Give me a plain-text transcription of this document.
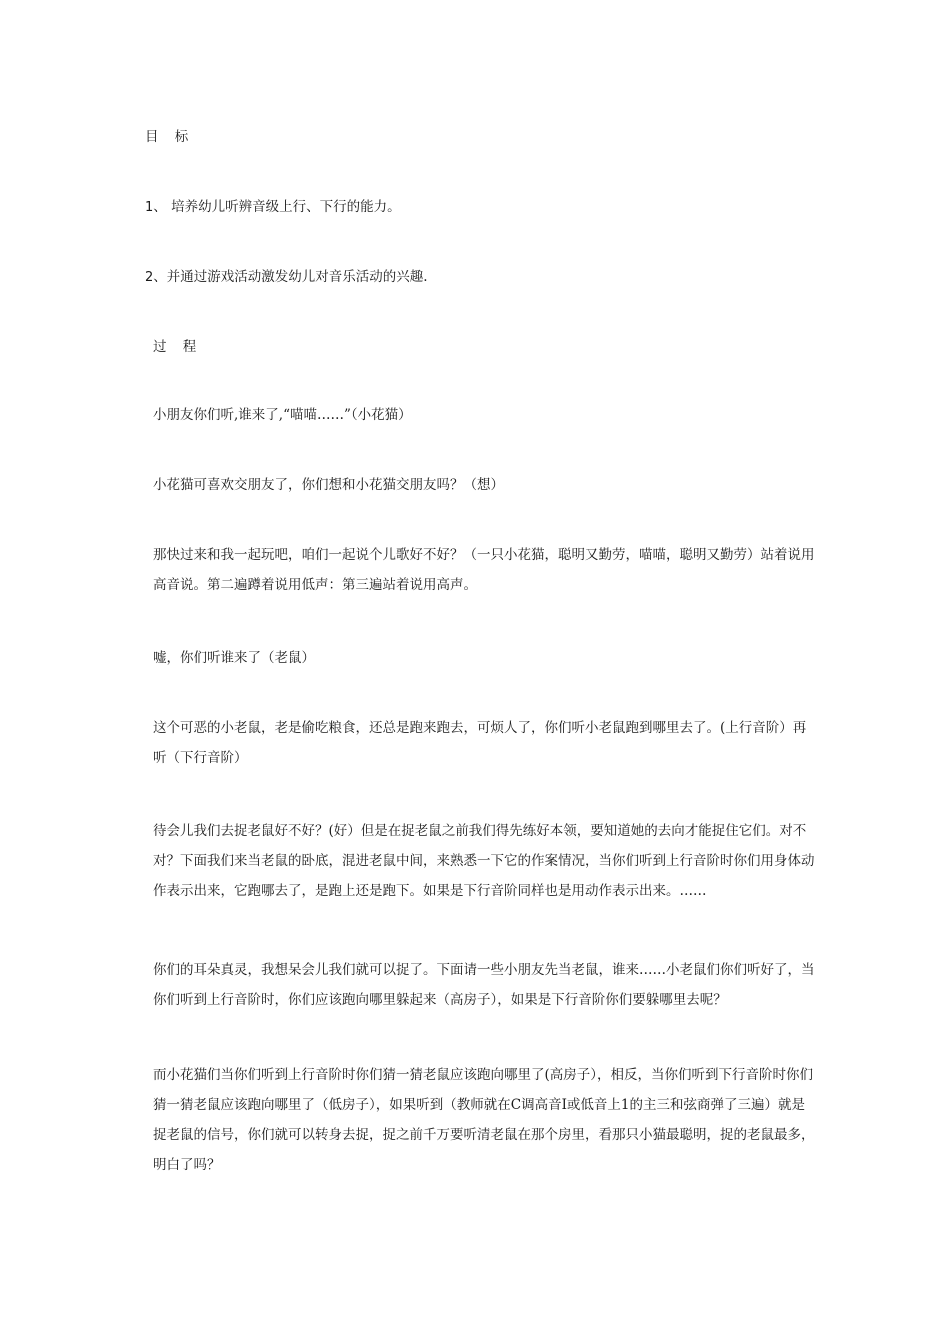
目 标

1、 培养幼儿听辨音级上行、下行的能力。

2、并通过游戏活动激发幼儿对音乐活动的兴趣.

过 程

小朋友你们听,谁来了,“喵喵……”（小花猫）

小花猫可喜欢交朋友了，你们想和小花猫交朋友吗？（想）

那快过来和我一起玩吧，咱们一起说个儿歌好不好？（一只小花猫，聪明又勤劳，喵喵，聪明又勤劳）站着说用高音说。第二遍蹲着说用低声：第三遍站着说用高声。

嘘，你们听谁来了（老鼠）

这个可恶的小老鼠，老是偷吃粮食，还总是跑来跑去，可烦人了，你们听小老鼠跑到哪里去了。(上行音阶）再听（下行音阶）

待会儿我们去捉老鼠好不好？(好）但是在捉老鼠之前我们得先练好本领，要知道她的去向才能捉住它们。对不对？下面我们来当老鼠的卧底，混进老鼠中间，来熟悉一下它的作案情况，当你们听到上行音阶时你们用身体动作表示出来，它跑哪去了，是跑上还是跑下。如果是下行音阶同样也是用动作表示出来。……

你们的耳朵真灵，我想呆会儿我们就可以捉了。下面请一些小朋友先当老鼠，谁来……小老鼠们你们听好了，当你们听到上行音阶时，你们应该跑向哪里躲起来（高房子），如果是下行音阶你们要躲哪里去呢？

而小花猫们当你们听到上行音阶时你们猜一猜老鼠应该跑向哪里了(高房子），相反，当你们听到下行音阶时你们猜一猜老鼠应该跑向哪里了（低房子），如果听到（教师就在C调高音I或低音上1的主三和弦商弹了三遍）就是捉老鼠的信号，你们就可以转身去捉，捉之前千万要听清老鼠在那个房里，看那只小猫最聪明，捉的老鼠最多，明白了吗？
